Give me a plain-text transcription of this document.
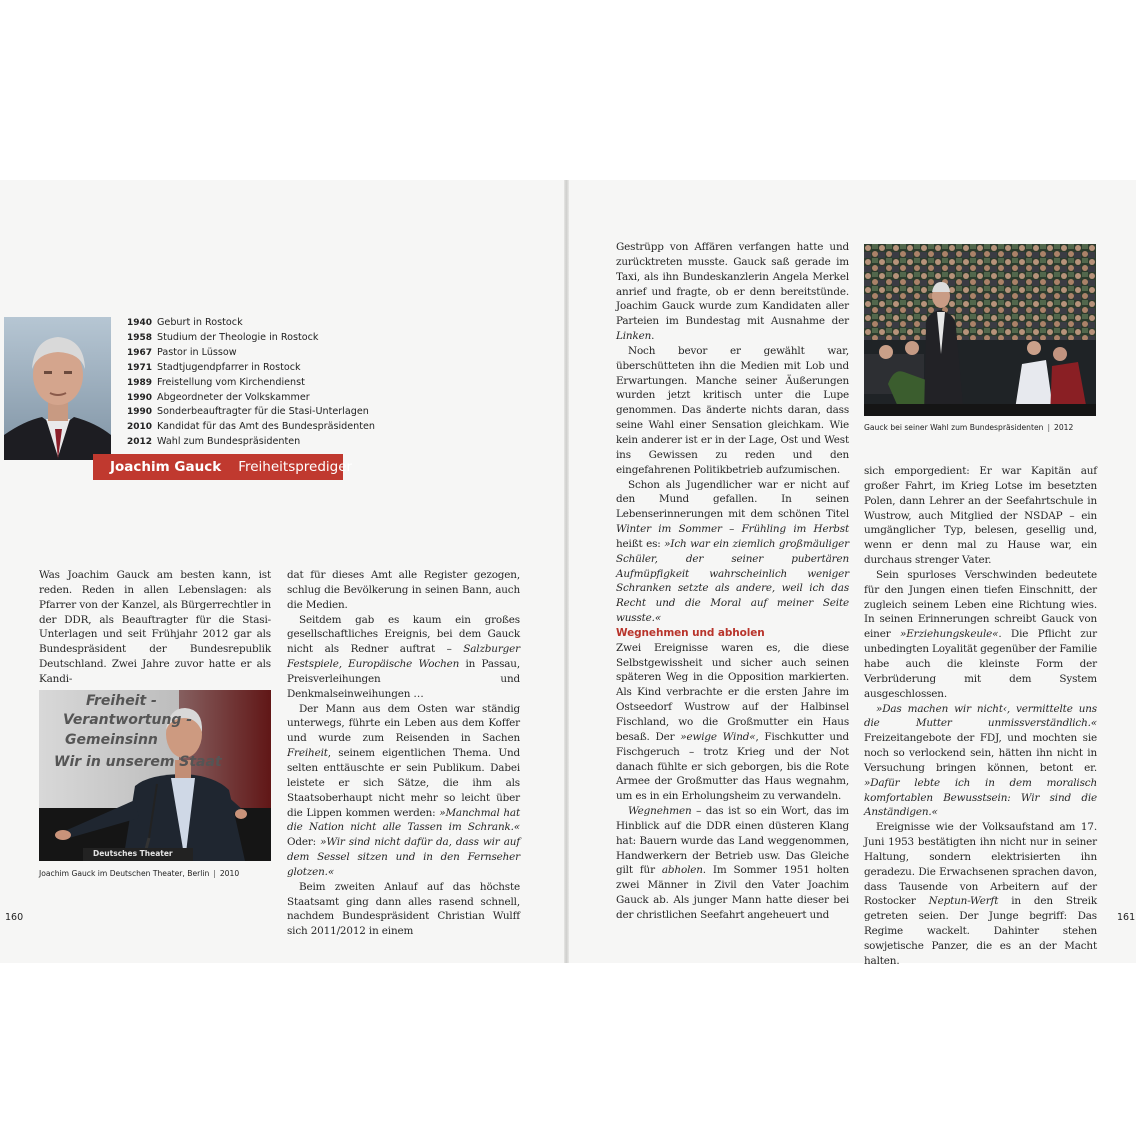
1940 Geburt in Rostock
1958 Studium der Theologie in Rostock
1967 Pastor in Lüssow
1971 Stadtjugendpfarrer in Rostock
1989 Freistellung vom Kirchendienst
1990 Abgeordneter der Volkskammer
1990 Sonderbeauftragter für die Stasi-Unterlagen
2010 Kandidat für das Amt des Bundespräsidenten
2012 Wahl zum Bundespräsidenten
Joachim Gauck Freiheitsprediger

Was Joachim Gauck am besten kann, ist reden. Reden in allen Lebenslagen: als Pfarrer von der Kanzel, als Bürgerrechtler in der DDR, als Beauftragter für die Stasi-Unterlagen und seit Frühjahr 2012 gar als Bundespräsident der Bundesrepublik Deutschland. Zwei Jahre zuvor hatte er als Kandi-

Freiheit -
Verantwortung -
Gemeinsinn
Wir in unserem Staat
Deutsches Theater
Joachim Gauck im Deutschen Theater, Berlin | 2010

dat für dieses Amt alle Register gezogen, schlug die Bevölkerung in seinen Bann, auch die Medien.

Seitdem gab es kaum ein großes gesellschaftliches Ereignis, bei dem Gauck nicht als Redner auftrat – Salzburger Festspiele, Europäische Wochen in Passau, Preisverleihungen und Denkmalseinweihungen …

Der Mann aus dem Osten war ständig unterwegs, führte ein Leben aus dem Koffer und wurde zum Reisenden in Sachen Freiheit, seinem eigentlichen Thema. Und selten enttäuschte er sein Publikum. Dabei leistete er sich Sätze, die ihm als Staatsoberhaupt nicht mehr so leicht über die Lippen kommen werden: »Manchmal hat die Nation nicht alle Tassen im Schrank.« Oder: »Wir sind nicht dafür da, dass wir auf dem Sessel sitzen und in den Fernseher glotzen.«

Beim zweiten Anlauf auf das höchste Staatsamt ging dann alles rasend schnell, nachdem Bundespräsident Christian Wulff sich 2011/2012 in einem

160

Gestrüpp von Affären verfangen hatte und zurücktreten musste. Gauck saß gerade im Taxi, als ihn Bundeskanzlerin Angela Merkel anrief und fragte, ob er denn bereitstünde. Joachim Gauck wurde zum Kandidaten aller Parteien im Bundestag mit Ausnahme der Linken.

Noch bevor er gewählt war, überschütteten ihn die Medien mit Lob und Erwartungen. Manche seiner Äußerungen wurden jetzt kritisch unter die Lupe genommen. Das änderte nichts daran, dass seine Wahl einer Sensation gleichkam. Wie kein anderer ist er in der Lage, Ost und West ins Gewissen zu reden und den eingefahrenen Politikbetrieb aufzumischen.

Schon als Jugendlicher war er nicht auf den Mund gefallen. In seinen Lebenserinnerungen mit dem schönen Titel Winter im Sommer – Frühling im Herbst heißt es: »Ich war ein ziemlich großmäuliger Schüler, der seiner pubertären Aufmüpfigkeit wahrscheinlich weniger Schranken setzte als andere, weil ich das Recht und die Moral auf meiner Seite wusste.«

Wegnehmen und abholen

Zwei Ereignisse waren es, die diese Selbstgewissheit und sicher auch seinen späteren Weg in die Opposition markierten. Als Kind verbrachte er die ersten Jahre im Ostseedorf Wustrow auf der Halbinsel Fischland, wo die Großmutter ein Haus besaß. Der »ewige Wind«, Fischkutter und Fischgeruch – trotz Krieg und der Not danach fühlte er sich geborgen, bis die Rote Armee der Großmutter das Haus wegnahm, um es in ein Erholungsheim zu verwandeln.

Wegnehmen – das ist so ein Wort, das im Hinblick auf die DDR einen düsteren Klang hat: Bauern wurde das Land weggenommen, Handwerkern der Betrieb usw. Das Gleiche gilt für abholen. Im Sommer 1951 holten zwei Männer in Zivil den Vater Joachim Gauck ab. Als junger Mann hatte dieser bei der christlichen Seefahrt angeheuert und

Gauck bei seiner Wahl zum Bundespräsidenten | 2012

sich emporgedient: Er war Kapitän auf großer Fahrt, im Krieg Lotse im besetzten Polen, dann Lehrer an der Seefahrtschule in Wustrow, auch Mitglied der NSDAP – ein umgänglicher Typ, belesen, gesellig und, wenn er denn mal zu Hause war, ein durchaus strenger Vater.

Sein spurloses Verschwinden bedeutete für den Jungen einen tiefen Einschnitt, der zugleich seinem Leben eine Richtung wies. In seinen Erinnerungen schreibt Gauck von einer »Erziehungskeule«. Die Pflicht zur unbedingten Loyalität gegenüber der Familie habe auch die kleinste Form der Verbrüderung mit dem System ausgeschlossen.

»Das machen wir nicht‹, vermittelte uns die Mutter unmissverständlich.« Freizeitangebote der FDJ, und mochten sie noch so verlockend sein, hätten ihn nicht in Versuchung bringen können, betont er. »Dafür lebte ich in dem moralisch komfortablen Bewusstsein: Wir sind die Anständigen.«

Ereignisse wie der Volksaufstand am 17. Juni 1953 bestätigten ihn nicht nur in seiner Haltung, sondern elektrisierten ihn geradezu. Die Erwachsenen sprachen davon, dass Tausende von Arbeitern auf der Rostocker Neptun-Werft in den Streik getreten seien. Der Junge begriff: Das Regime wackelt. Dahinter stehen sowjetische Panzer, die es an der Macht halten.

161
